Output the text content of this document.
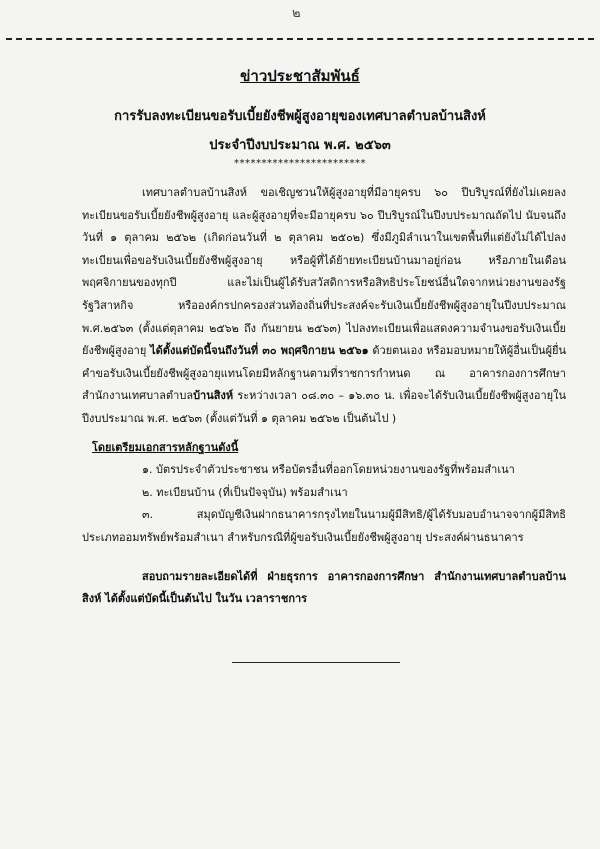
๒
ข่าวประชาสัมพันธ์
การรับลงทะเบียนขอรับเบี้ยยังชีพผู้สูงอายุของเทศบาลตำบลบ้านสิงห์
ประจำปีงบประมาณ พ.ศ. ๒๕๖๓
************************

เทศบาลตำบลบ้านสิงห์ ขอเชิญชวนให้ผู้สูงอายุที่มีอายุครบ ๖๐ ปีบริบูรณ์ที่ยังไม่เคยลงทะเบียนขอรับเบี้ยยังชีพผู้สูงอายุ และผู้สูงอายุที่จะมีอายุครบ ๖๐ ปีบริบูรณ์ในปีงบประมาณถัดไป นับจนถึงวันที่ ๑ ตุลาคม ๒๕๖๒ (เกิดก่อนวันที่ ๒ ตุลาคม ๒๕๐๒) ซึ่งมีภูมิลำเนาในเขตพื้นที่แต่ยังไม่ได้ไปลงทะเบียนเพื่อขอรับเงินเบี้ยยังชีพผู้สูงอายุ หรือผู้ที่ได้ย้ายทะเบียนบ้านมาอยู่ก่อน หรือภายในเดือนพฤศจิกายนของทุกปี และไม่เป็นผู้ได้รับสวัสดิการหรือสิทธิประโยชน์อื่นใดจากหน่วยงานของรัฐ รัฐวิสาหกิจ หรือองค์กรปกครองส่วนท้องถิ่นที่ประสงค์จะรับเงินเบี้ยยังชีพผู้สูงอายุในปีงบประมาณ พ.ศ.๒๕๖๓ (ตั้งแต่ตุลาคม ๒๕๖๒ ถึง กันยายน ๒๕๖๓) ไปลงทะเบียนเพื่อแสดงความจำนงขอรับเงินเบี้ยยังชีพผู้สูงอายุ ได้ตั้งแต่บัดนี้จนถึงวันที่ ๓๐ พฤศจิกายน ๒๕๖๑ ด้วยตนเอง หรือมอบหมายให้ผู้อื่นเป็นผู้ยื่นคำขอรับเงินเบี้ยยังชีพผู้สูงอายุแทนโดยมีหลักฐานตามที่ราชการกำหนด ณ อาคารกองการศึกษา สำนักงานเทศบาลตำบลบ้านสิงห์ ระหว่างเวลา ๐๘.๓๐ – ๑๖.๓๐ น. เพื่อจะได้รับเงินเบี้ยยังชีพผู้สูงอายุในปีงบประมาณ พ.ศ. ๒๕๖๓ (ตั้งแต่วันที่ ๑ ตุลาคม ๒๕๖๒ เป็นต้นไป )

โดยเตรียมเอกสารหลักฐานดังนี้

๑. บัตรประจำตัวประชาชน หรือบัตรอื่นที่ออกโดยหน่วยงานของรัฐที่พร้อมสำเนา

๒. ทะเบียนบ้าน (ที่เป็นปัจจุบัน) พร้อมสำเนา

๓. สมุดบัญชีเงินฝากธนาคารกรุงไทยในนามผู้มีสิทธิ/ผู้ได้รับมอบอำนาจจากผู้มีสิทธิ ประเภทออมทรัพย์พร้อมสำเนา สำหรับกรณีที่ผู้ขอรับเงินเบี้ยยังชีพผู้สูงอายุ ประสงค์ผ่านธนาคาร

สอบถามรายละเอียดได้ที่ ฝ่ายธุรการ อาคารกองการศึกษา สำนักงานเทศบาลตำบลบ้านสิงห์ ได้ตั้งแต่บัดนี้เป็นต้นไป ในวัน เวลาราชการ
